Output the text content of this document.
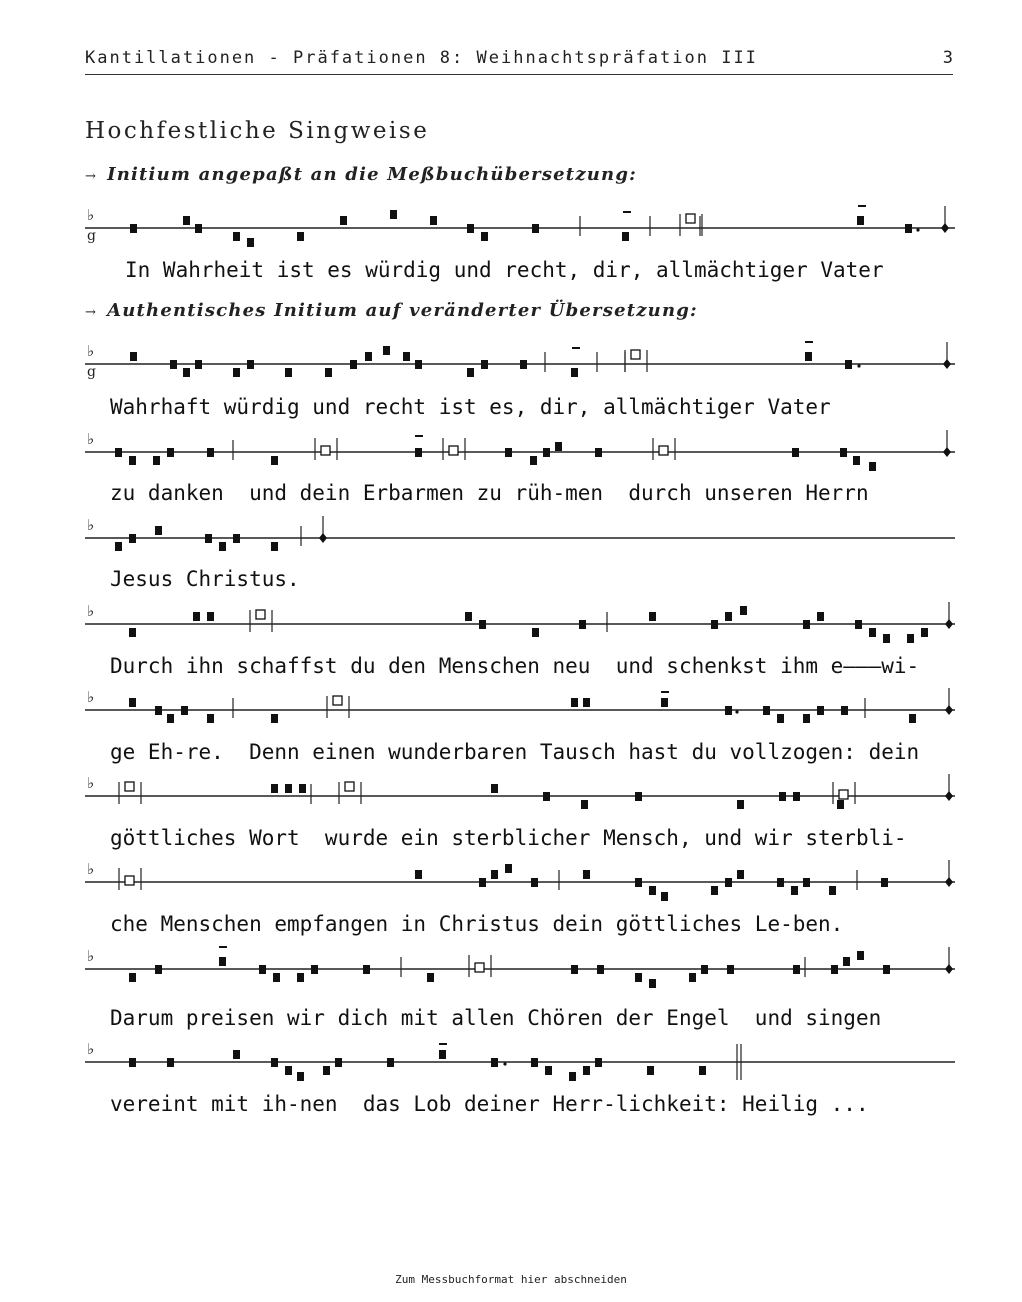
Kantillationen - Präfationen 8: Weihnachtspräfation III	3
Hochfestliche Singweise
→ Initium angepaßt an die Meßbuchübersetzung:
♭
g
In Wahrheit ist es würdig und recht, dir, allmächtiger Vater
→ Authentisches Initium auf veränderter Übersetzung:
♭
g
Wahrhaft würdig und recht ist es, dir, allmächtiger Vater
♭
zu danken  und dein Erbarmen zu rüh-men  durch unseren Herrn
♭
Jesus Christus.
♭
Durch ihn schaffst du den Menschen neu  und schenkst ihm e———wi-
♭
ge Eh-re.  Denn einen wunderbaren Tausch hast du vollzogen: dein
♭
göttliches Wort  wurde ein sterblicher Mensch, und wir sterbli-
♭
che Menschen empfangen in Christus dein göttliches Le-ben.
♭
Darum preisen wir dich mit allen Chören der Engel  und singen
♭
vereint mit ih-nen  das Lob deiner Herr-lichkeit: Heilig ...
Zum Messbuchformat hier abschneiden
